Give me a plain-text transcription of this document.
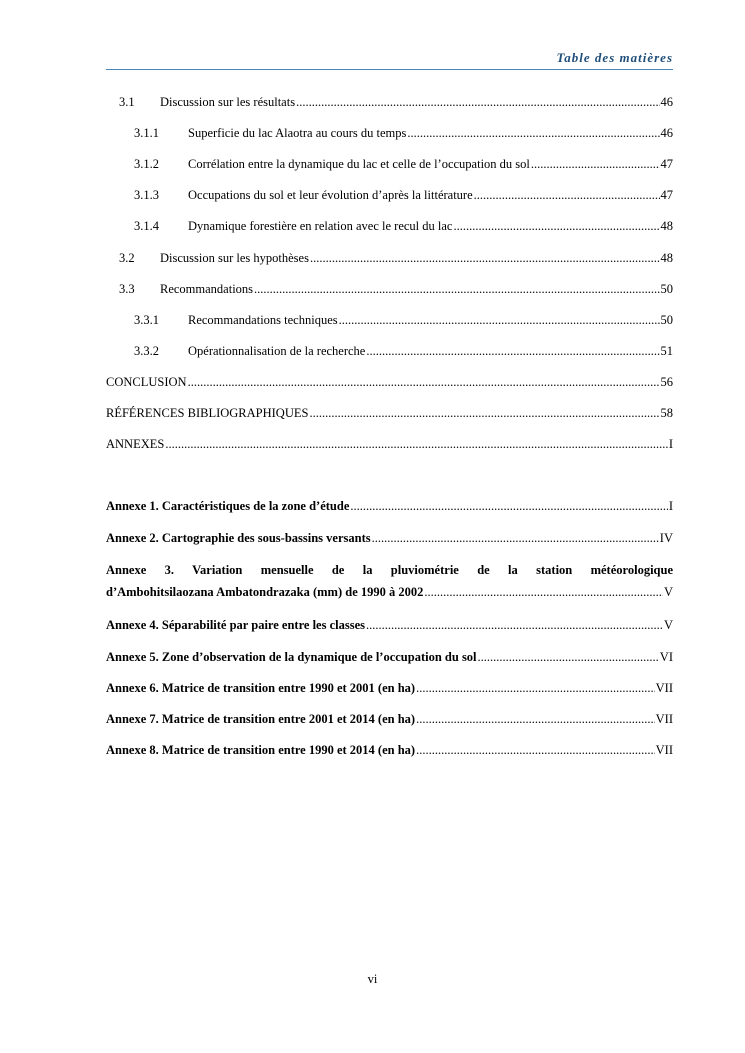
Table des matières
3.1	Discussion sur les résultats .....	46
3.1.1	Superficie du lac Alaotra au cours du temps .....	46
3.1.2	Corrélation entre la dynamique du lac et celle de l’occupation du sol .....	47
3.1.3	Occupations du sol et leur évolution d’après la littérature .....	47
3.1.4	Dynamique forestière en relation avec le recul du lac .....	48
3.2	Discussion sur les hypothèses .....	48
3.3	Recommandations .....	50
3.3.1	Recommandations techniques .....	50
3.3.2	Opérationnalisation de la recherche .....	51
CONCLUSION .....	56
RÉFÉRENCES BIBLIOGRAPHIQUES .....	58
ANNEXES .....	I
Annexe 1. Caractéristiques de la zone d’étude .....	I
Annexe 2. Cartographie des sous-bassins versants .....	IV
Annexe 3. Variation mensuelle de la pluviométrie de la station météorologique
d’Ambohitsilaozana Ambatondrazaka (mm) de 1990 à 2002 .....	V
Annexe 4. Séparabilité par paire entre les classes .....	V
Annexe 5. Zone d’observation de la dynamique de l’occupation du sol .....	VI
Annexe 6. Matrice de transition entre 1990 et 2001 (en ha) .....	VII
Annexe 7. Matrice de transition entre 2001 et 2014 (en ha) .....	VII
Annexe 8. Matrice de transition entre 1990 et 2014 (en ha) .....	VII
vi
